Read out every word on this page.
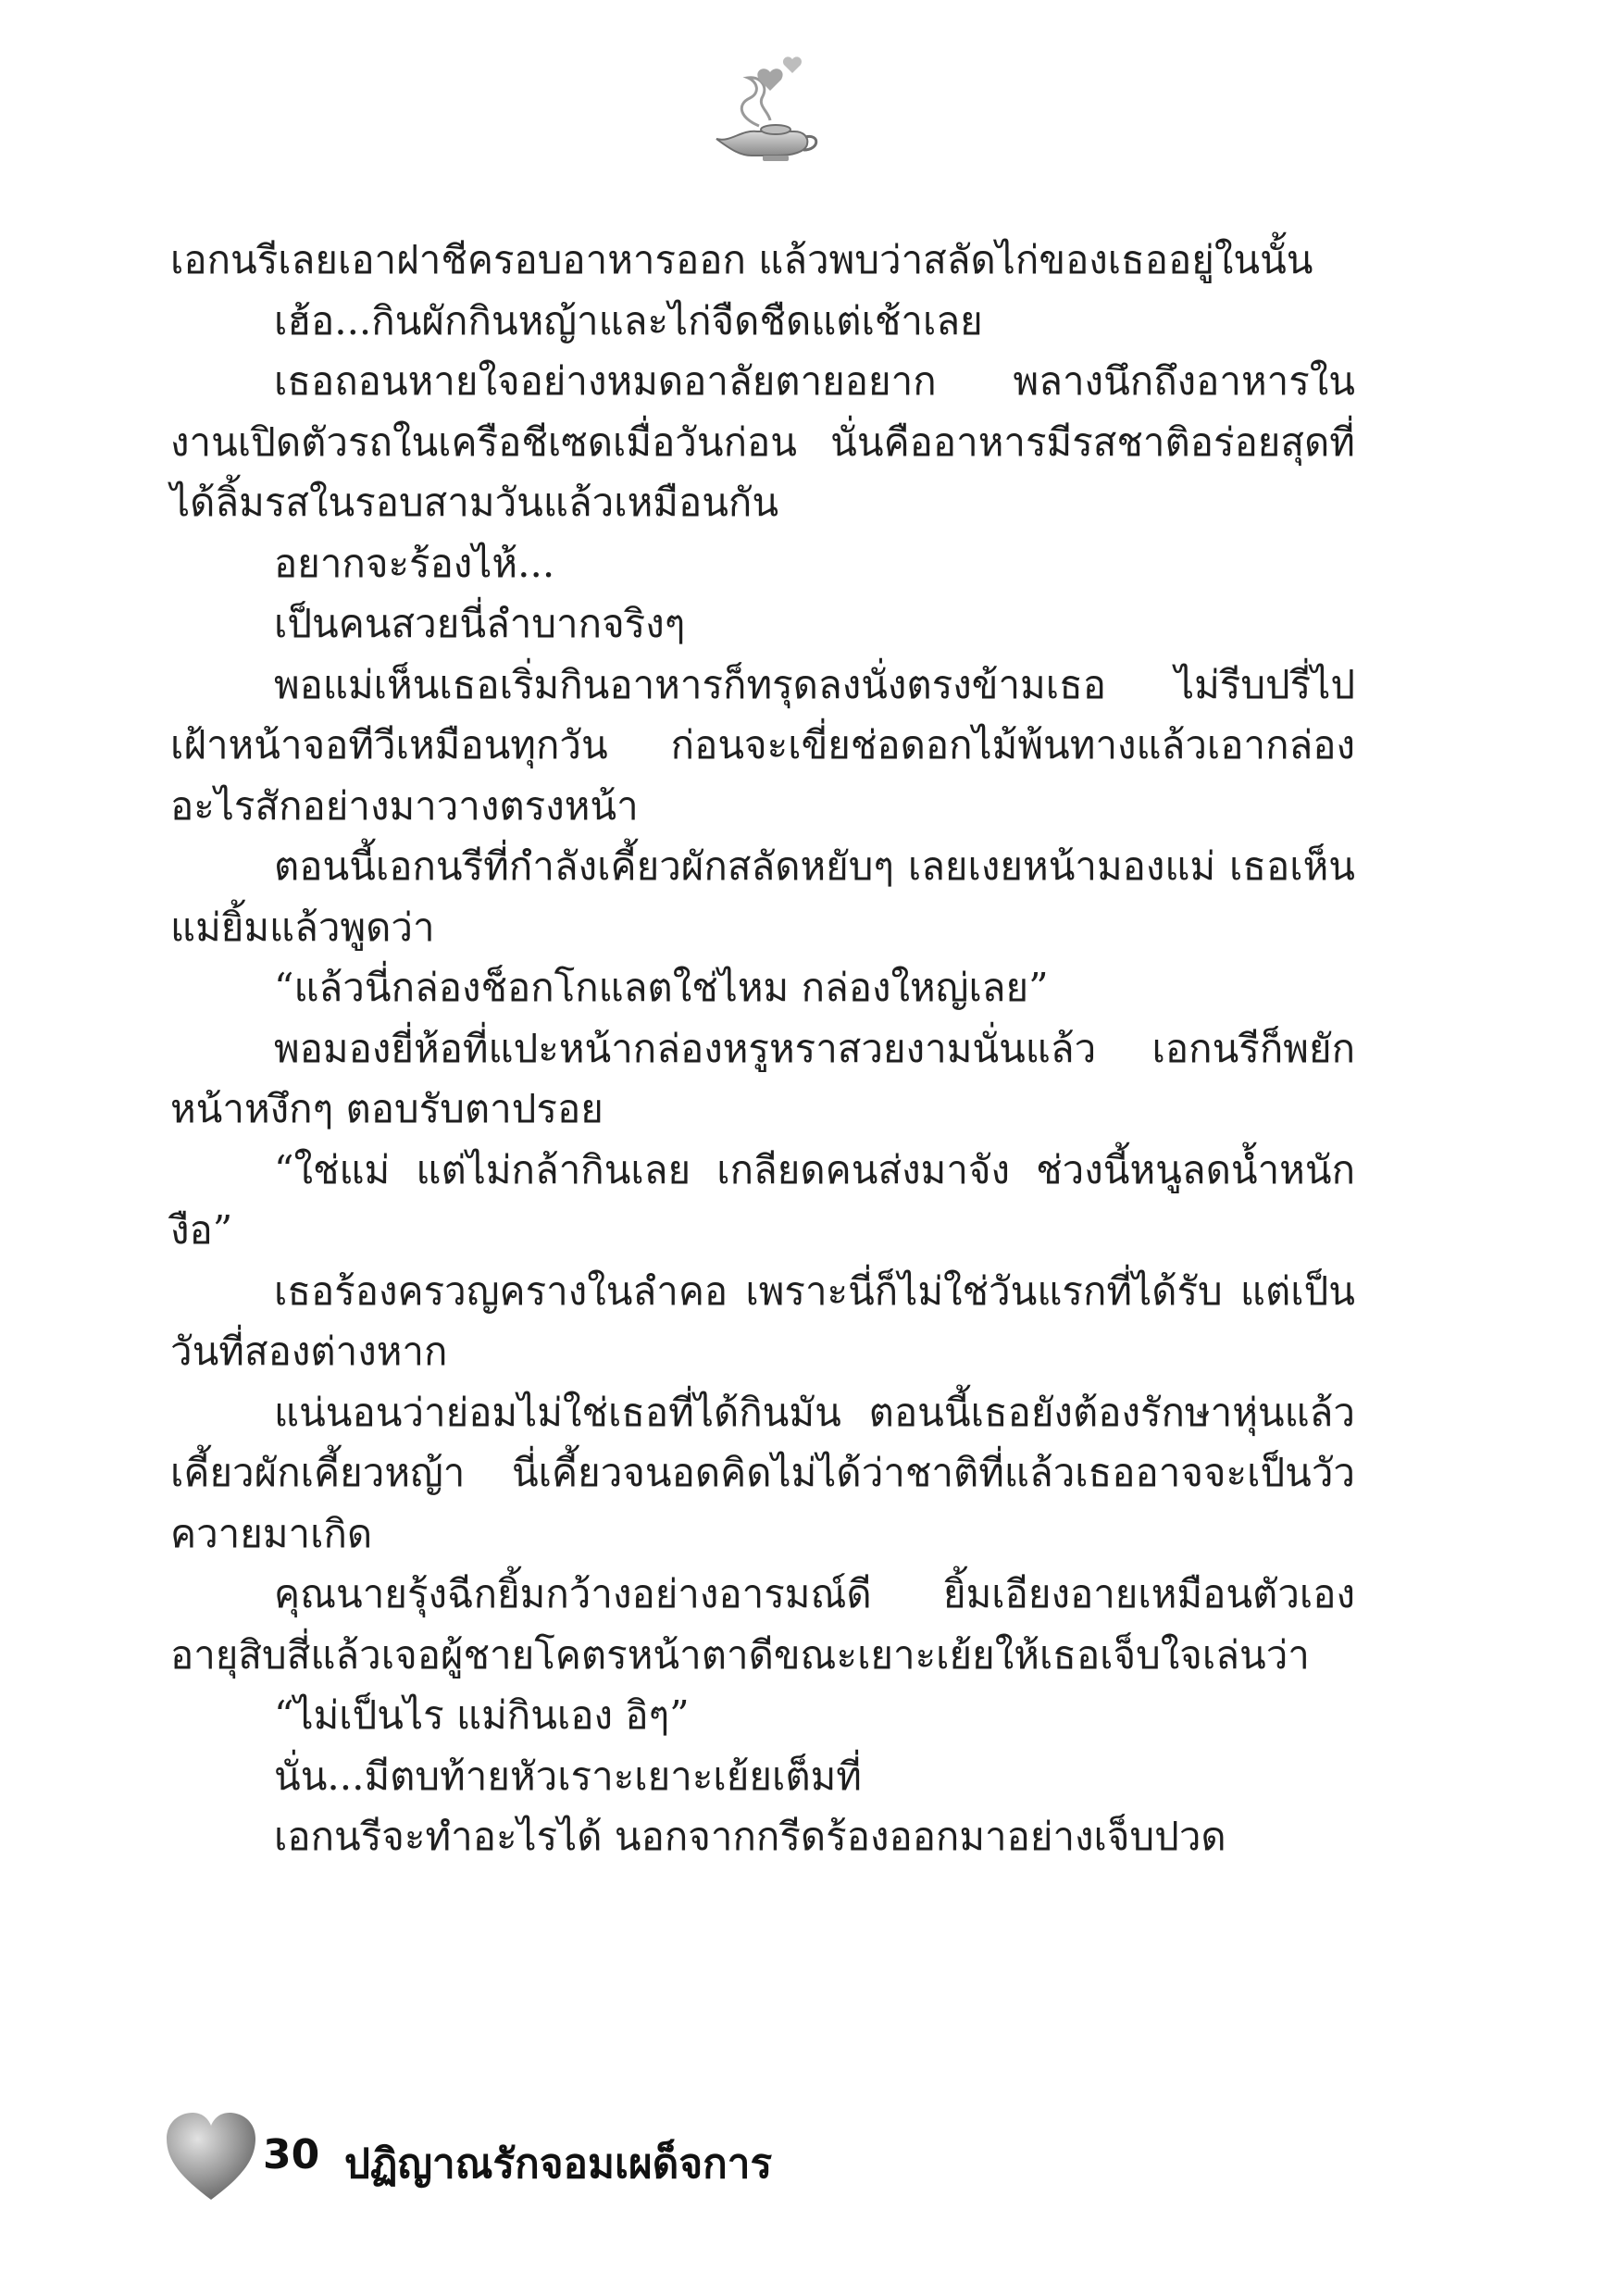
เอกนรีเลยเอาฝาชีครอบอาหารออก แล้วพบว่าสลัดไก่ของเธออยู่ในนั้น

เฮ้อ...กินผักกินหญ้าและไก่จืดชืดแต่เช้าเลย

เธอถอนหายใจอย่างหมดอาลัยตายอยาก พลางนึกถึงอาหารในงานเปิดตัวรถในเครือชีเซดเมื่อวันก่อน นั่นคืออาหารมีรสชาติอร่อยสุดที่ได้ลิ้มรสในรอบสามวันแล้วเหมือนกัน

อยากจะร้องไห้...

เป็นคนสวยนี่ลำบากจริงๆ

พอแม่เห็นเธอเริ่มกินอาหารก็ทรุดลงนั่งตรงข้ามเธอ ไม่รีบปรี่ไปเฝ้าหน้าจอทีวีเหมือนทุกวัน ก่อนจะเขี่ยช่อดอกไม้พ้นทางแล้วเอากล่องอะไรสักอย่างมาวางตรงหน้า

ตอนนี้เอกนรีที่กำลังเคี้ยวผักสลัดหยับๆ เลยเงยหน้ามองแม่ เธอเห็นแม่ยิ้มแล้วพูดว่า

“แล้วนี่กล่องช็อกโกแลตใช่ไหม กล่องใหญ่เลย”

พอมองยี่ห้อที่แปะหน้ากล่องหรูหราสวยงามนั่นแล้ว เอกนรีก็พยักหน้าหงึกๆ ตอบรับตาปรอย

“ใช่แม่ แต่ไม่กล้ากินเลย เกลียดคนส่งมาจัง ช่วงนี้หนูลดน้ำหนัก งือ”

เธอร้องครวญครางในลำคอ เพราะนี่ก็ไม่ใช่วันแรกที่ได้รับ แต่เป็นวันที่สองต่างหาก

แน่นอนว่าย่อมไม่ใช่เธอที่ได้กินมัน ตอนนี้เธอยังต้องรักษาหุ่นแล้วเคี้ยวผักเคี้ยวหญ้า นี่เคี้ยวจนอดคิดไม่ได้ว่าชาติที่แล้วเธออาจจะเป็นวัวควายมาเกิด

คุณนายรุ้งฉีกยิ้มกว้างอย่างอารมณ์ดี ยิ้มเอียงอายเหมือนตัวเองอายุสิบสี่แล้วเจอผู้ชายโคตรหน้าตาดีขณะเยาะเย้ยให้เธอเจ็บใจเล่นว่า

“ไม่เป็นไร แม่กินเอง อิๆ”

นั่น...มีตบท้ายหัวเราะเยาะเย้ยเต็มที่

เอกนรีจะทำอะไรได้ นอกจากกรีดร้องออกมาอย่างเจ็บปวด

30 ปฏิญาณรักจอมเผด็จการ
